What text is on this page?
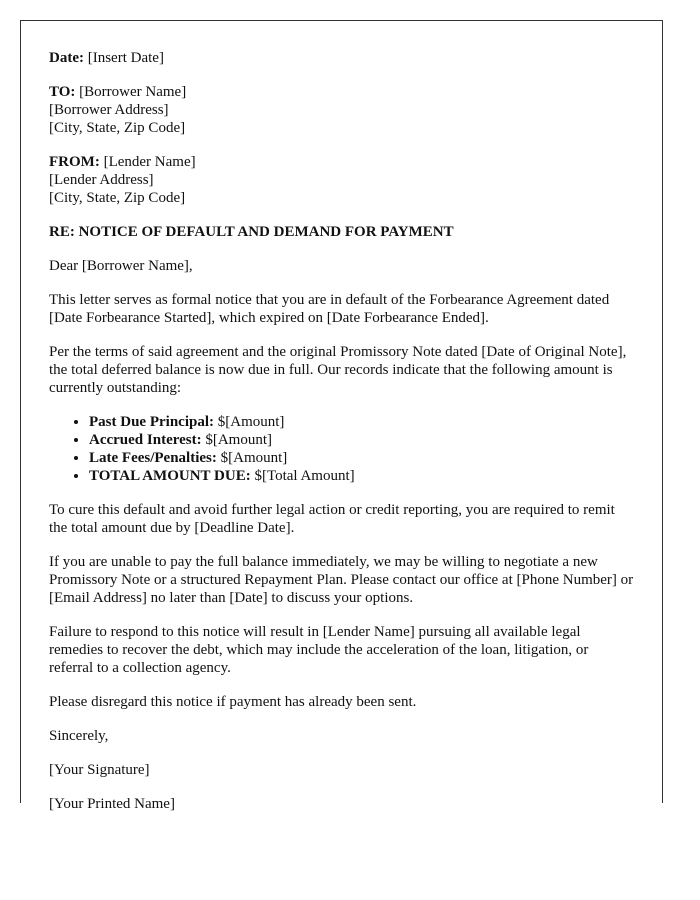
Date: [Insert Date]

TO: [Borrower Name]
[Borrower Address]
[City, State, Zip Code]

FROM: [Lender Name]
[Lender Address]
[City, State, Zip Code]

RE: NOTICE OF DEFAULT AND DEMAND FOR PAYMENT

Dear [Borrower Name],

This letter serves as formal notice that you are in default of the Forbearance Agreement dated [Date Forbearance Started], which expired on [Date Forbearance Ended].

Per the terms of said agreement and the original Promissory Note dated [Date of Original Note], the total deferred balance is now due in full. Our records indicate that the following amount is currently outstanding:

• Past Due Principal: $[Amount]
• Accrued Interest: $[Amount]
• Late Fees/Penalties: $[Amount]
• TOTAL AMOUNT DUE: $[Total Amount]

To cure this default and avoid further legal action or credit reporting, you are required to remit the total amount due by [Deadline Date].

If you are unable to pay the full balance immediately, we may be willing to negotiate a new Promissory Note or a structured Repayment Plan. Please contact our office at [Phone Number] or [Email Address] no later than [Date] to discuss your options.

Failure to respond to this notice will result in [Lender Name] pursuing all available legal remedies to recover the debt, which may include the acceleration of the loan, litigation, or referral to a collection agency.

Please disregard this notice if payment has already been sent.

Sincerely,

[Your Signature]

[Your Printed Name]
